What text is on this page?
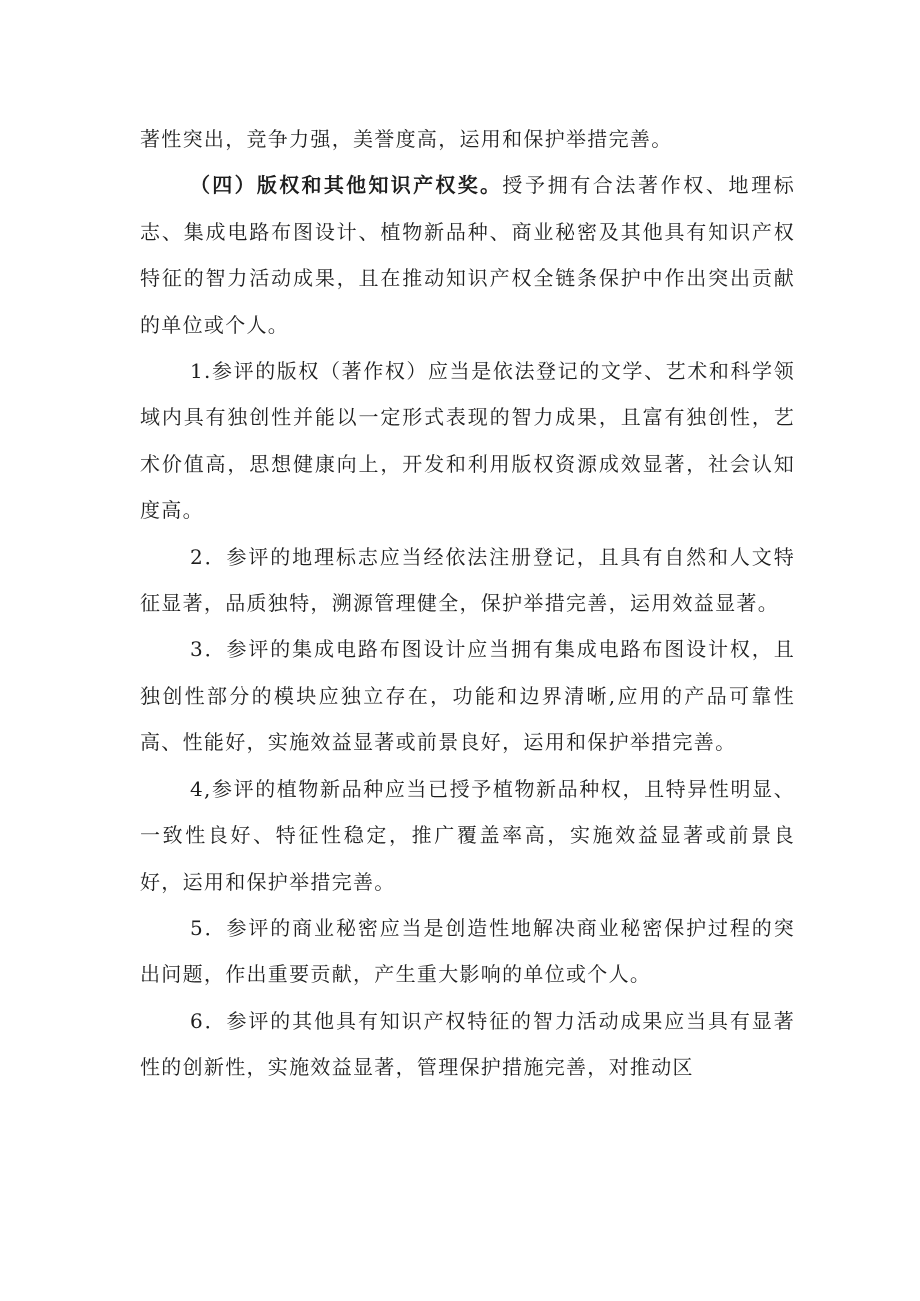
著性突出，竞争力强，美誉度高，运用和保护举措完善。

（四）版权和其他知识产权奖。授予拥有合法著作权、地理标志、集成电路布图设计、植物新品种、商业秘密及其他具有知识产权特征的智力活动成果，且在推动知识产权全链条保护中作出突出贡献的单位或个人。

1.参评的版权（著作权）应当是依法登记的文学、艺术和科学领域内具有独创性并能以一定形式表现的智力成果，且富有独创性，艺术价值高，思想健康向上，开发和利用版权资源成效显著，社会认知度高。

2．参评的地理标志应当经依法注册登记，且具有自然和人文特征显著，品质独特，溯源管理健全，保护举措完善，运用效益显著。

3．参评的集成电路布图设计应当拥有集成电路布图设计权，且独创性部分的模块应独立存在，功能和边界清晰,应用的产品可靠性高、性能好，实施效益显著或前景良好，运用和保护举措完善。

4,参评的植物新品种应当已授予植物新品种权，且特异性明显、一致性良好、特征性稳定，推广覆盖率高，实施效益显著或前景良好，运用和保护举措完善。

5．参评的商业秘密应当是创造性地解决商业秘密保护过程的突出问题，作出重要贡献，产生重大影响的单位或个人。

6．参评的其他具有知识产权特征的智力活动成果应当具有显著性的创新性，实施效益显著，管理保护措施完善，对推动区
